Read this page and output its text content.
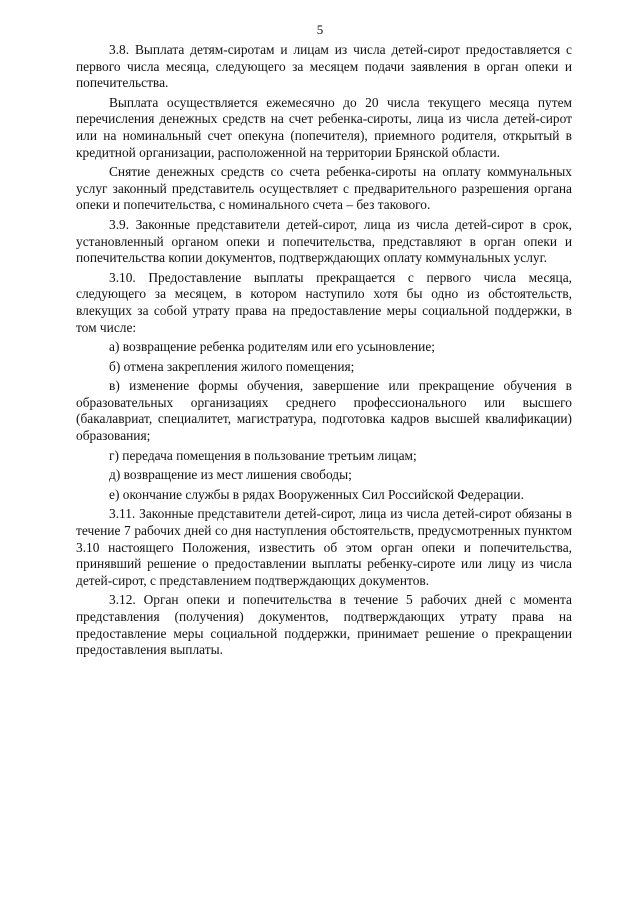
5

3.8. Выплата детям-сиротам и лицам из числа детей-сирот предоставляется с первого числа месяца, следующего за месяцем подачи заявления в орган опеки и попечительства.

Выплата осуществляется ежемесячно до 20 числа текущего месяца путем перечисления денежных средств на счет ребенка-сироты, лица из числа детей-сирот или на номинальный счет опекуна (попечителя), приемного родителя, открытый в кредитной организации, расположенной на территории Брянской области.

Снятие денежных средств со счета ребенка-сироты на оплату коммунальных услуг законный представитель осуществляет с предварительного разрешения органа опеки и попечительства, с номинального счета – без такового.

3.9. Законные представители детей-сирот, лица из числа детей-сирот в срок, установленный органом опеки и попечительства, представляют в орган опеки и попечительства копии документов, подтверждающих оплату коммунальных услуг.

3.10. Предоставление выплаты прекращается с первого числа месяца, следующего за месяцем, в котором наступило хотя бы одно из обстоятельств, влекущих за собой утрату права на предоставление меры социальной поддержки, в том числе:

а) возвращение ребенка родителям или его усыновление;

б) отмена закрепления жилого помещения;

в) изменение формы обучения, завершение или прекращение обучения в образовательных организациях среднего профессионального или высшего (бакалавриат, специалитет, магистратура, подготовка кадров высшей квалификации) образования;

г) передача помещения в пользование третьим лицам;

д) возвращение из мест лишения свободы;

е) окончание службы в рядах Вооруженных Сил Российской Федерации.

3.11. Законные представители детей-сирот, лица из числа детей-сирот обязаны в течение 7 рабочих дней со дня наступления обстоятельств, предусмотренных пунктом 3.10 настоящего Положения, известить об этом орган опеки и попечительства, принявший решение о предоставлении выплаты ребенку-сироте или лицу из числа детей-сирот, с представлением подтверждающих документов.

3.12. Орган опеки и попечительства в течение 5 рабочих дней с момента представления (получения) документов, подтверждающих утрату права на предоставление меры социальной поддержки, принимает решение о прекращении предоставления выплаты.
